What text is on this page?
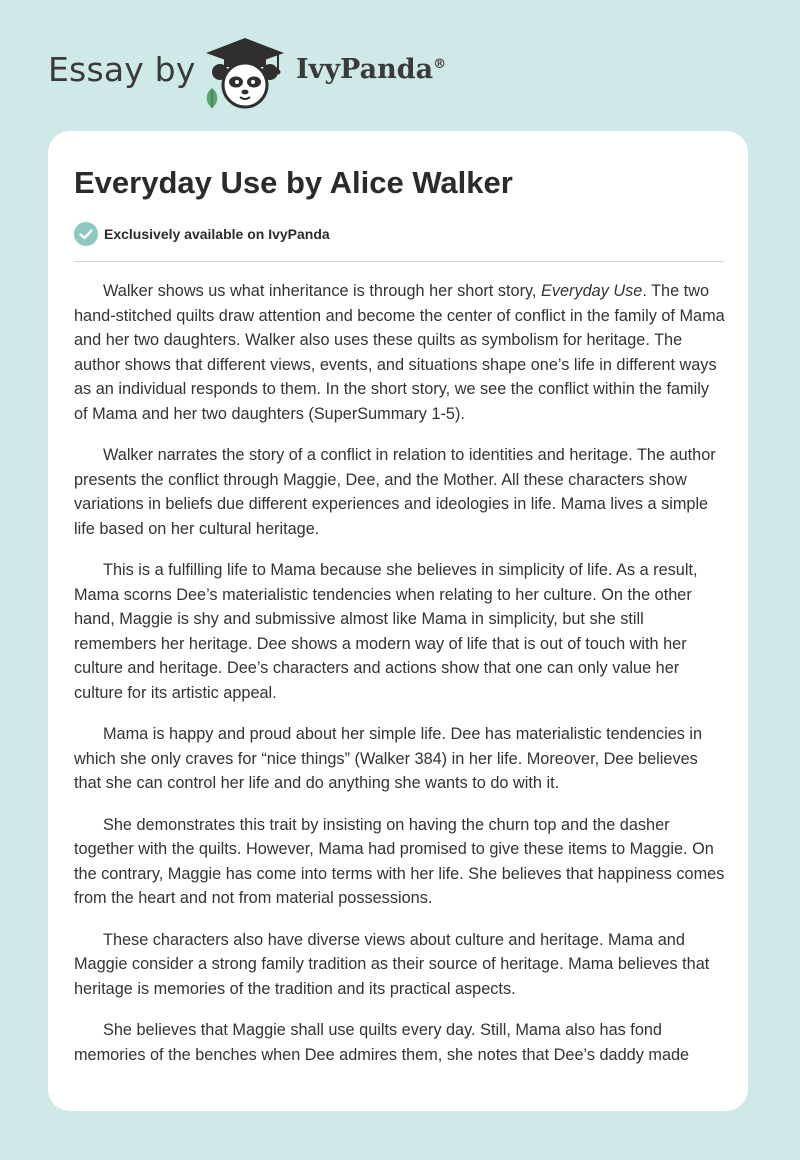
Essay by	IvyPanda®
Everyday Use by Alice Walker
Exclusively available on IvyPanda

Walker shows us what inheritance is through her short story, Everyday Use. The two hand-stitched quilts draw attention and become the center of conflict in the family of Mama and her two daughters. Walker also uses these quilts as symbolism for heritage. The author shows that different views, events, and situations shape one’s life in different ways as an individual responds to them. In the short story, we see the conflict within the family of Mama and her two daughters (SuperSummary 1-5).

Walker narrates the story of a conflict in relation to identities and heritage. The author presents the conflict through Maggie, Dee, and the Mother. All these characters show variations in beliefs due different experiences and ideologies in life. Mama lives a simple life based on her cultural heritage.

This is a fulfilling life to Mama because she believes in simplicity of life. As a result, Mama scorns Dee’s materialistic tendencies when relating to her culture. On the other hand, Maggie is shy and submissive almost like Mama in simplicity, but she still remembers her heritage. Dee shows a modern way of life that is out of touch with her culture and heritage. Dee’s characters and actions show that one can only value her culture for its artistic appeal.

Mama is happy and proud about her simple life. Dee has materialistic tendencies in which she only craves for “nice things” (Walker 384) in her life. Moreover, Dee believes that she can control her life and do anything she wants to do with it.

She demonstrates this trait by insisting on having the churn top and the dasher together with the quilts. However, Mama had promised to give these items to Maggie. On the contrary, Maggie has come into terms with her life. She believes that happiness comes from the heart and not from material possessions.

These characters also have diverse views about culture and heritage. Mama and Maggie consider a strong family tradition as their source of heritage. Mama believes that heritage is memories of the tradition and its practical aspects.

She believes that Maggie shall use quilts every day. Still, Mama also has fond memories of the benches when Dee admires them, she notes that Dee’s daddy made
